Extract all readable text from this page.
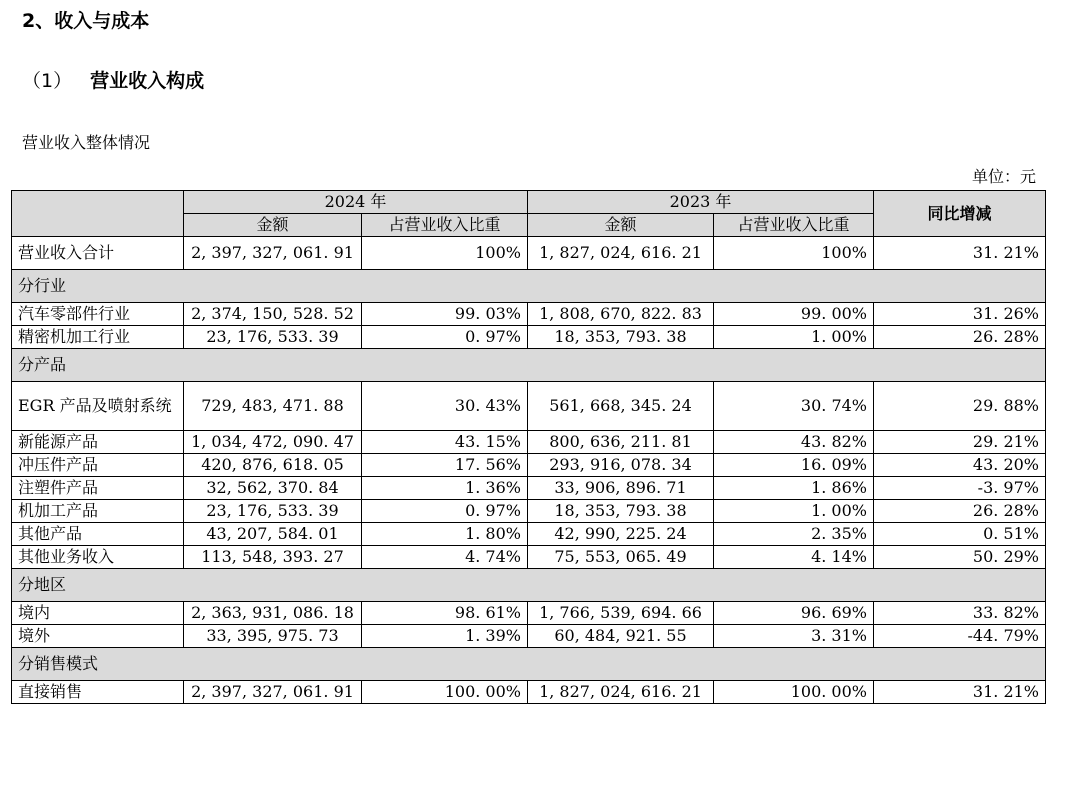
2、收入与成本
（1） 营业收入构成
营业收入整体情况
单位：元
	2024 年		2023 年		同比增减
	金额	占营业收入比重	金额	占营业收入比重	
营业收入合计	2, 397, 327, 061. 91	100%	1, 827, 024, 616. 21	100%	31. 21%
分行业					
汽车零部件行业	2, 374, 150, 528. 52	99. 03%	1, 808, 670, 822. 83	99. 00%	31. 26%
精密机加工行业	23, 176, 533. 39	0. 97%	18, 353, 793. 38	1. 00%	26. 28%
分产品					
EGR 产品及喷射系统	729, 483, 471. 88	30. 43%	561, 668, 345. 24	30. 74%	29. 88%
新能源产品	1, 034, 472, 090. 47	43. 15%	800, 636, 211. 81	43. 82%	29. 21%
冲压件产品	420, 876, 618. 05	17. 56%	293, 916, 078. 34	16. 09%	43. 20%
注塑件产品	32, 562, 370. 84	1. 36%	33, 906, 896. 71	1. 86%	-3. 97%
机加工产品	23, 176, 533. 39	0. 97%	18, 353, 793. 38	1. 00%	26. 28%
其他产品	43, 207, 584. 01	1. 80%	42, 990, 225. 24	2. 35%	0. 51%
其他业务收入	113, 548, 393. 27	4. 74%	75, 553, 065. 49	4. 14%	50. 29%
分地区					
境内	2, 363, 931, 086. 18	98. 61%	1, 766, 539, 694. 66	96. 69%	33. 82%
境外	33, 395, 975. 73	1. 39%	60, 484, 921. 55	3. 31%	-44. 79%
分销售模式					
直接销售	2, 397, 327, 061. 91	100. 00%	1, 827, 024, 616. 21	100. 00%	31. 21%
